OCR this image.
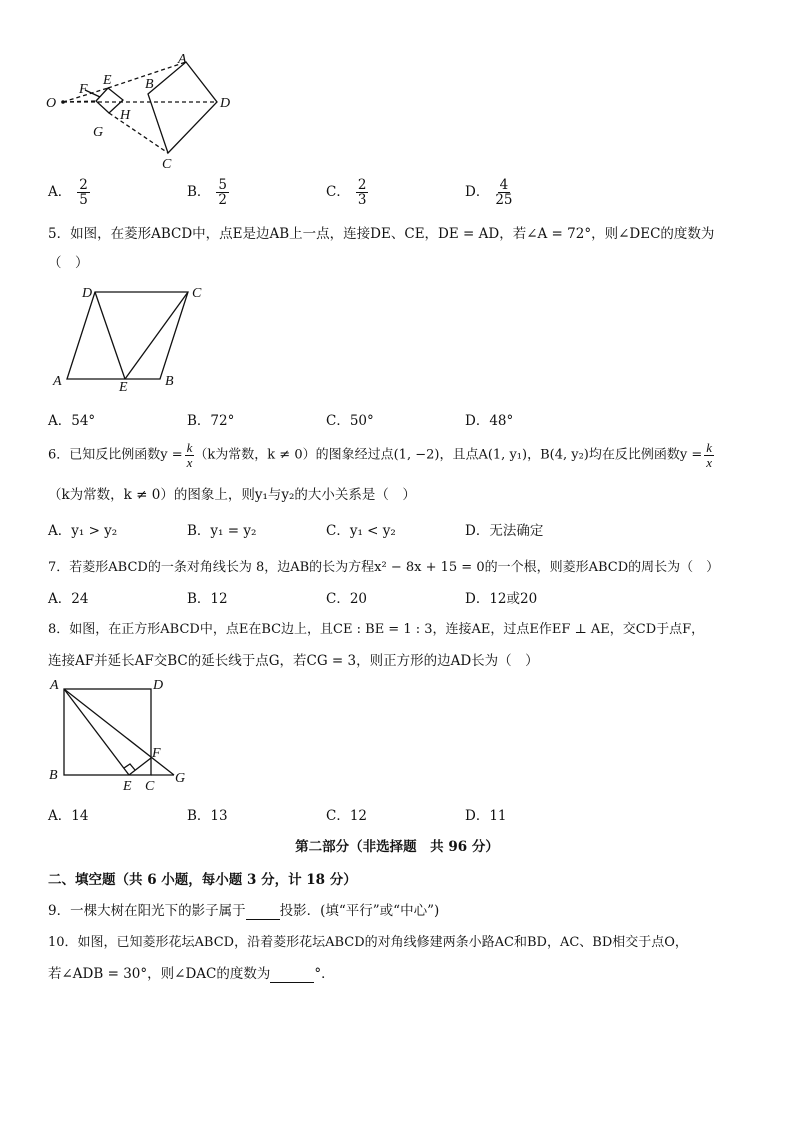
O
F
E
G
H
B
A
D
C
A． $\frac{2}{5}$	B． $\frac{5}{2}$	C． $\frac{2}{3}$	D． $\frac{4}{25}$
5．如图，在菱形ABCD中，点E是边AB上一点，连接DE、CE，DE = AD，若∠A = 72°，则∠DEC的度数为
（　）
D	C
A	E	B
A．54°	B．72°	C．50°	D．48°
6．已知反比例函数$y = \frac{k}{x} (k$为常数，k ≠ 0）的图象经过点(1, −2)，且点A(1, y₁)，B(4, y₂)均在反比例函数$y = \frac{k}{x}$
（k为常数，k ≠ 0）的图象上，则y₁与y₂的大小关系是（　）
A．y₁ > y₂	B．y₁ = y₂	C．y₁ < y₂	D．无法确定
7．若菱形ABCD的一条对角线长为 8，边AB的长为方程x² − 8x + 15 = 0的一个根，则菱形ABCD的周长为（　）
A．24	B．12	C．20	D．12或20
8．如图，在正方形ABCD中，点E在BC边上，且CE : BE = 1 : 3，连接AE，过点E作EF ⊥ AE，交CD于点F，
连接AF并延长AF交BC的延长线于点G，若CG = 3，则正方形的边AD长为（　）
A	D
F
B
E C
G
A．14	B．13	C．12	D．11
第二部分（非选择题　共 96 分）
二、填空题（共 6 小题，每小题 3 分，计 18 分）
9．一棵大树在阳光下的影子属于	投影．(填“平行”或“中心”)
10．如图，已知菱形花坛ABCD，沿着菱形花坛ABCD的对角线修建两条小路AC和BD，AC、BD相交于点O，
若∠ADB = 30°，则∠DAC的度数为	°．
